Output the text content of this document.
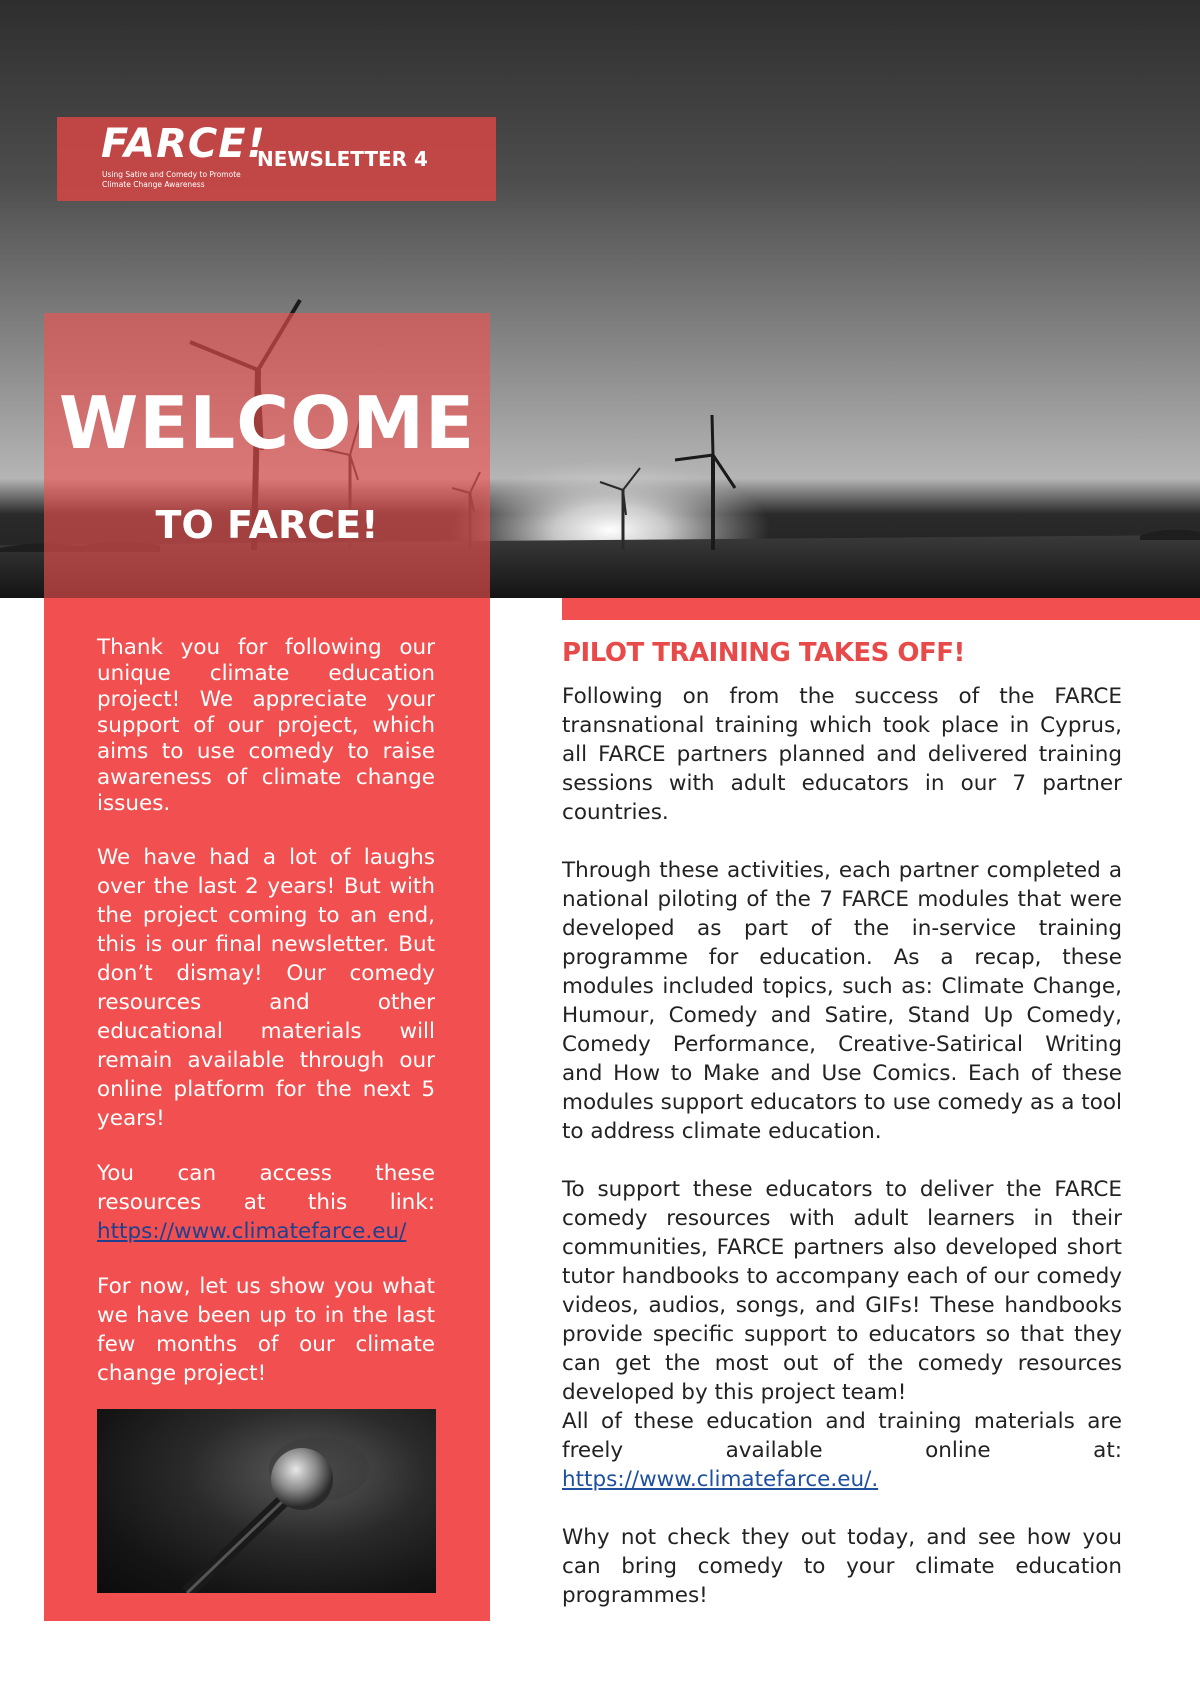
FARCE!
Using Satire and Comedy to Promote Climate Change Awareness
NEWSLETTER 4
WELCOME
TO FARCE!

Thank you for following our unique climate education project! We appreciate your support of our project, which aims to use comedy to raise awareness of climate change issues.

We have had a lot of laughs over the last 2 years! But with the project coming to an end, this is our final newsletter. But don’t dismay! Our comedy resources and other educational materials will remain available through our online platform for the next 5 years!

You can access these resources at this link: https://www.climatefarce.eu/

For now, let us show you what we have been up to in the last few months of our climate change project!

PILOT TRAINING TAKES OFF!

Following on from the success of the FARCE transnational training which took place in Cyprus, all FARCE partners planned and delivered training sessions with adult educators in our 7 partner countries.

Through these activities, each partner completed a national piloting of the 7 FARCE modules that were developed as part of the in-service training programme for education. As a recap, these modules included topics, such as: Climate Change, Humour, Comedy and Satire, Stand Up Comedy, Comedy Performance, Creative-Satirical Writing and How to Make and Use Comics. Each of these modules support educators to use comedy as a tool to address climate education.

To support these educators to deliver the FARCE comedy resources with adult learners in their communities, FARCE partners also developed short tutor handbooks to accompany each of our comedy videos, audios, songs, and GIFs! These handbooks provide specific support to educators so that they can get the most out of the comedy resources developed by this project team!

All of these education and training materials are freely available online at: https://www.climatefarce.eu/.

Why not check they out today, and see how you can bring comedy to your climate education programmes!
